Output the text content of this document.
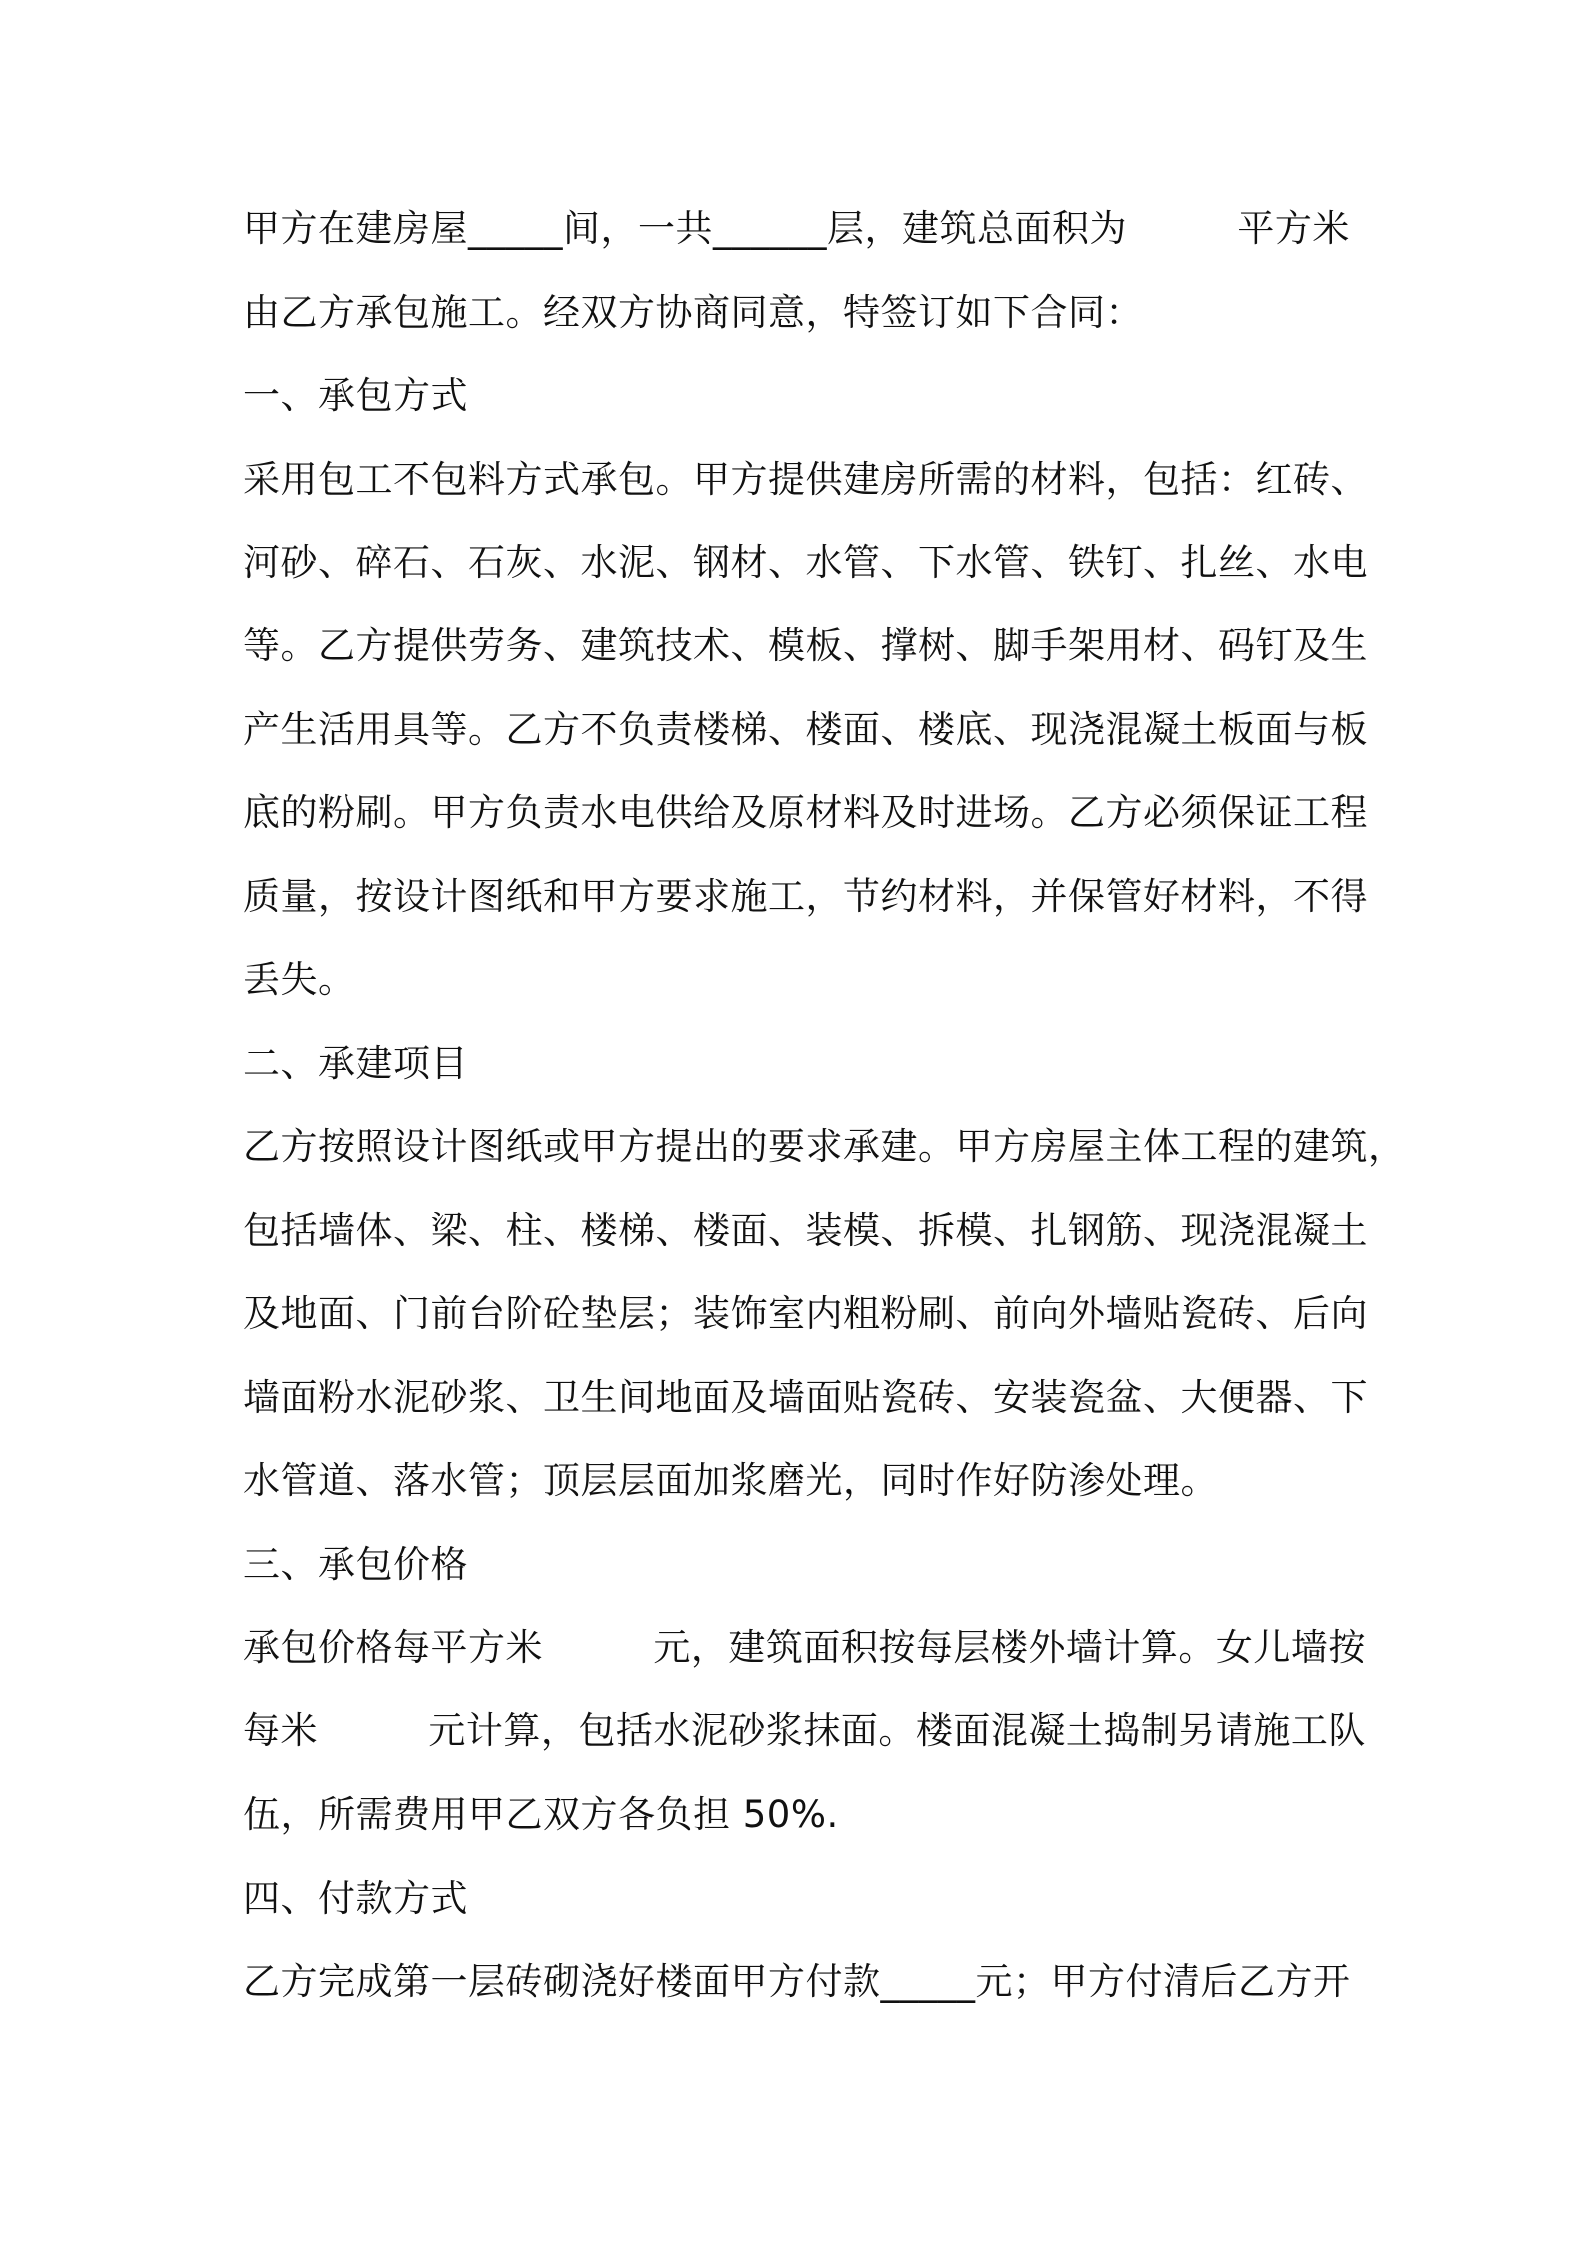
甲方在建房屋_____间，一共______层，建筑总面积为         平方米
由乙方承包施工。经双方协商同意，特签订如下合同：
一、承包方式
采用包工不包料方式承包。甲方提供建房所需的材料，包括：红砖、
河砂、碎石、石灰、水泥、钢材、水管、下水管、铁钉、扎丝、水电
等。乙方提供劳务、建筑技术、模板、撑树、脚手架用材、码钉及生
产生活用具等。乙方不负责楼梯、楼面、楼底、现浇混凝土板面与板
底的粉刷。甲方负责水电供给及原材料及时进场。乙方必须保证工程
质量，按设计图纸和甲方要求施工，节约材料，并保管好材料，不得
丢失。
二、承建项目
乙方按照设计图纸或甲方提出的要求承建。甲方房屋主体工程的建筑，
包括墙体、梁、柱、楼梯、楼面、装模、拆模、扎钢筋、现浇混凝土
及地面、门前台阶砼垫层；装饰室内粗粉刷、前向外墙贴瓷砖、后向
墙面粉水泥砂浆、卫生间地面及墙面贴瓷砖、安装瓷盆、大便器、下
水管道、落水管；顶层层面加浆磨光，同时作好防渗处理。
三、承包价格
承包价格每平方米         元，建筑面积按每层楼外墙计算。女儿墙按
每米         元计算，包括水泥砂浆抹面。楼面混凝土捣制另请施工队
伍，所需费用甲乙双方各负担 50%.
四、付款方式
乙方完成第一层砖砌浇好楼面甲方付款_____元；甲方付清后乙方开
